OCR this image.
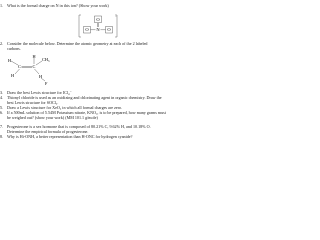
1. What is the formal charge on N in this ion? (Show your work)

O
N
O	O
−

2. Consider the molecule below. Determine the atomic geometry at each of the 2 labeled
carbons.

H
C	C
CH₃
H
H
H
F

3. Draw the best Lewis structure for ICl₄⁻

4. Thionyl chloride is used as an oxidizing and chlorinating agent in organic chemistry. Draw the
best Lewis structure for SOCl₂.

5. Draw a Lewis structure for XeO₃ in which all formal charges are zero.

6. If a 500mL solution of 5.54M Potassium nitrate, KNO₃, is to be prepared, how many grams must
be weighed out? (show your work) (MM 101.1 g/mole)

7. Progesterone is a sex hormone that is composed of 80.21% C, 9.62% H, and 10.18% O.
Determine the empirical formula of progesterone.

8. Why is Hi-ONH, a better representation than H-ONC for hydrogen cyanide?
